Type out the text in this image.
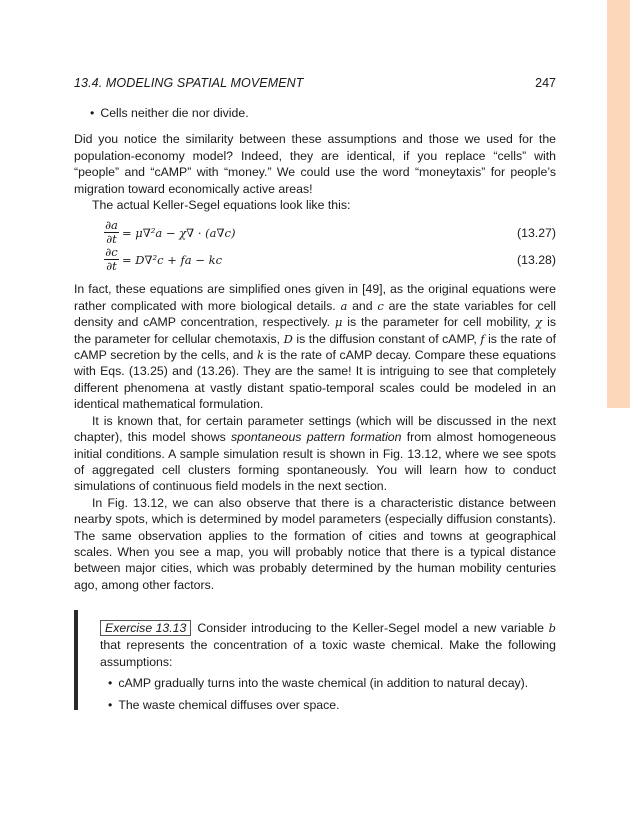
13.4. MODELING SPATIAL MOVEMENT	247
• Cells neither die nor divide.

Did you notice the similarity between these assumptions and those we used for the population-economy model? Indeed, they are identical, if you replace “cells” with “people” and “cAMP” with “money.” We could use the word “moneytaxis” for people’s migration toward economically active areas!

The actual Keller-Segel equations look like this:

$\frac{\partial a}{\partial t} = \mu\nabla^2a - \chi\nabla \cdot (a\nabla c)$	(13.27)
$\frac{\partial c}{\partial t} = D\nabla^2c$ + fa − kc	(13.28)

In fact, these equations are simplified ones given in [49], as the original equations were rather complicated with more biological details. a and c are the state variables for cell density and cAMP concentration, respectively. μ is the parameter for cell mobility, χ is the parameter for cellular chemotaxis, D is the diffusion constant of cAMP, f is the rate of cAMP secretion by the cells, and k is the rate of cAMP decay. Compare these equations with Eqs. (13.25) and (13.26). They are the same! It is intriguing to see that completely different phenomena at vastly distant spatio-temporal scales could be modeled in an identical mathematical formulation.

It is known that, for certain parameter settings (which will be discussed in the next chapter), this model shows spontaneous pattern formation from almost homogeneous initial conditions. A sample simulation result is shown in Fig. 13.12, where we see spots of aggregated cell clusters forming spontaneously. You will learn how to conduct simulations of continuous field models in the next section.

In Fig. 13.12, we can also observe that there is a characteristic distance between nearby spots, which is determined by model parameters (especially diffusion constants). The same observation applies to the formation of cities and towns at geographical scales. When you see a map, you will probably notice that there is a typical distance between major cities, which was probably determined by the human mobility centuries ago, among other factors.

Exercise 13.13 Consider introducing to the Keller-Segel model a new variable b that represents the concentration of a toxic waste chemical. Make the following assumptions:

• cAMP gradually turns into the waste chemical (in addition to natural decay).
• The waste chemical diffuses over space.
